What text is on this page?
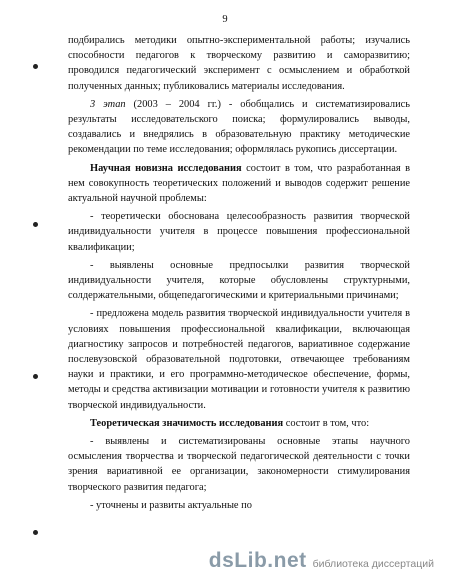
9

подбирались методики опытно-экспериментальной работы; изучались способности педагогов к творческому развитию и саморазвитию; проводился педагогический эксперимент с осмыслением и обработкой полученных данных; публиковались материалы исследования.

3 этап (2003 – 2004 гг.) - обобщались и систематизировались результаты исследовательского поиска; формулировались выводы, создавались и внедрялись в образовательную практику методические рекомендации по теме исследования; оформлялась рукопись диссертации.

Научная новизна исследования состоит в том, что разработанная в нем совокупность теоретических положений и выводов содержит решение актуальной научной проблемы:

- теоретически обоснована целесообразность развития творческой индивидуальности учителя в процессе повышения профессиональной квалификации;

- выявлены основные предпосылки развития творческой индивидуальности учителя, которые обусловлены структурными, солдержательными, общепедагогическими и критериальными причинами;

- предложена модель развития творческой индивидуальности учителя в условиях повышения профессиональной квалификации, включающая диагностику запросов и потребностей педагогов, вариативное содержание послевузовской образовательной подготовки, отвечающее требованиям науки и практики, и его программно-методическое обеспечение, формы, методы и средства активизации мотивации и готовности учителя к развитию творческой индивидуальности.

Теоретическая значимость исследования состоит в том, что:

- выявлены и систематизированы основные этапы научного осмысления творчества и творческой педагогической деятельности с точки зрения вариативной ее организации, закономерности стимулирования творческого развития педагога;

- уточнены и развиты актуальные по

dsLib.net библиотека диссертаций
